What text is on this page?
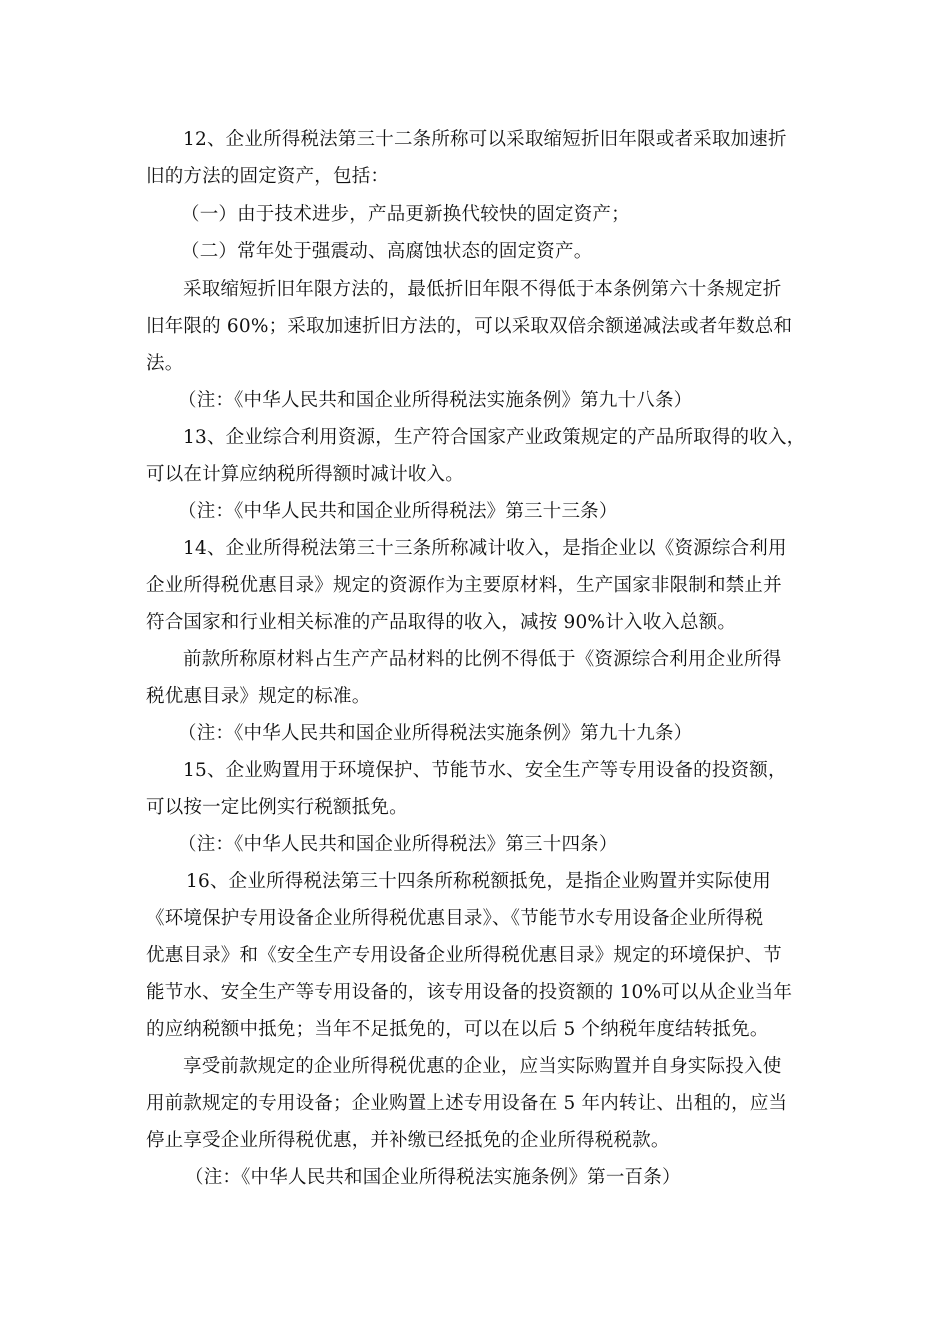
12、企业所得税法第三十二条所称可以采取缩短折旧年限或者采取加速折

旧的方法的固定资产，包括：

（一）由于技术进步，产品更新换代较快的固定资产；

（二）常年处于强震动、高腐蚀状态的固定资产。

采取缩短折旧年限方法的，最低折旧年限不得低于本条例第六十条规定折

旧年限的 60%；采取加速折旧方法的，可以采取双倍余额递减法或者年数总和

法。

（注：《中华人民共和国企业所得税法实施条例》第九十八条）

13、企业综合利用资源，生产符合国家产业政策规定的产品所取得的收入，

可以在计算应纳税所得额时减计收入。

（注：《中华人民共和国企业所得税法》第三十三条）

14、企业所得税法第三十三条所称减计收入，是指企业以《资源综合利用

企业所得税优惠目录》规定的资源作为主要原材料，生产国家非限制和禁止并

符合国家和行业相关标准的产品取得的收入，减按 90%计入收入总额。

前款所称原材料占生产产品材料的比例不得低于《资源综合利用企业所得

税优惠目录》规定的标准。

（注：《中华人民共和国企业所得税法实施条例》第九十九条）

15、企业购置用于环境保护、节能节水、安全生产等专用设备的投资额，

可以按一定比例实行税额抵免。

（注：《中华人民共和国企业所得税法》第三十四条）

16、企业所得税法第三十四条所称税额抵免，是指企业购置并实际使用

《环境保护专用设备企业所得税优惠目录》、《节能节水专用设备企业所得税

优惠目录》和《安全生产专用设备企业所得税优惠目录》规定的环境保护、节

能节水、安全生产等专用设备的，该专用设备的投资额的 10%可以从企业当年

的应纳税额中抵免；当年不足抵免的，可以在以后 5 个纳税年度结转抵免。

享受前款规定的企业所得税优惠的企业，应当实际购置并自身实际投入使

用前款规定的专用设备；企业购置上述专用设备在 5 年内转让、出租的，应当

停止享受企业所得税优惠，并补缴已经抵免的企业所得税税款。

（注：《中华人民共和国企业所得税法实施条例》第一百条）
